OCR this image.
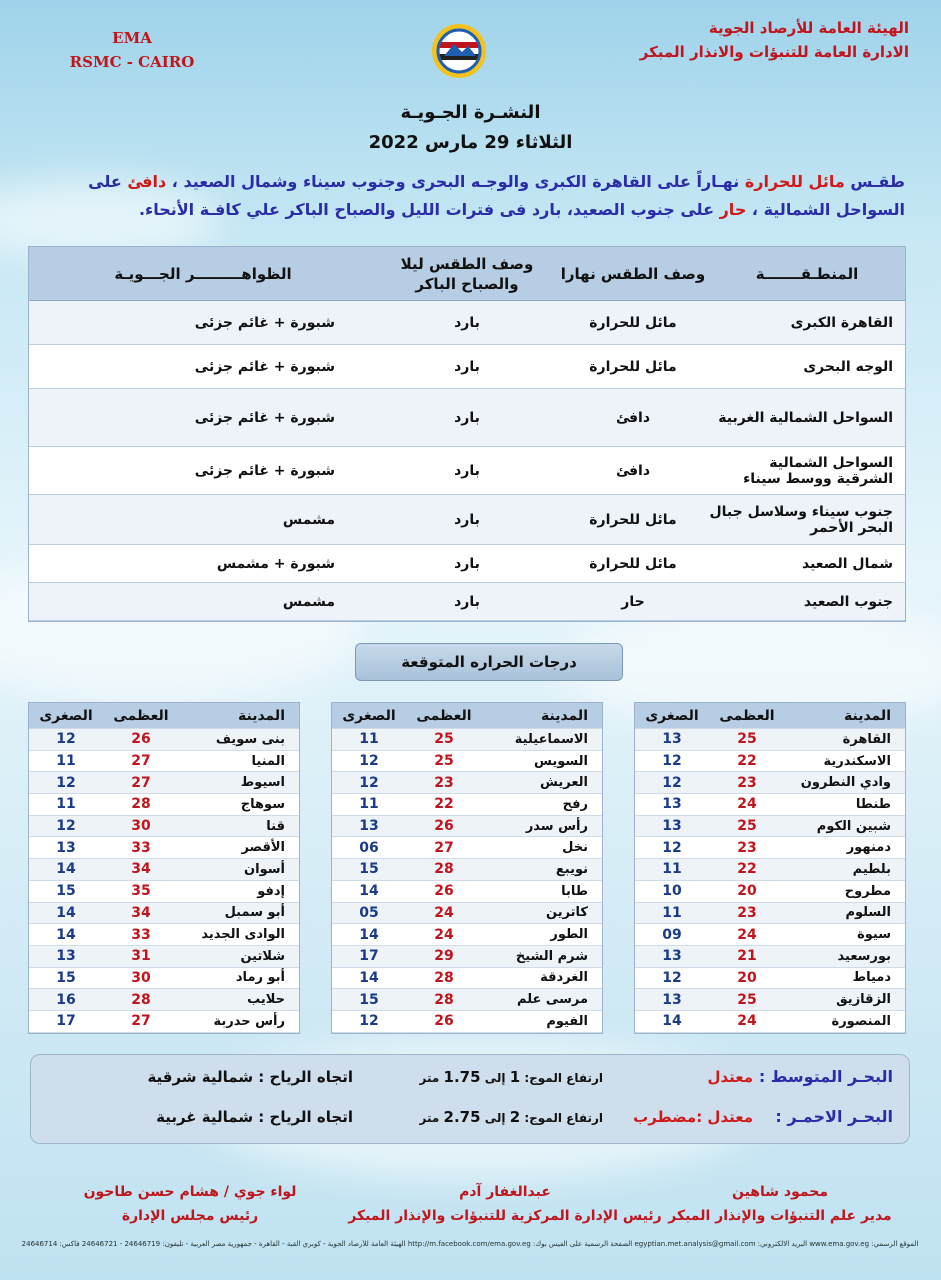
EMA
RSMC - CAIRO
الهيئة العامة للأرصاد الجوية
الادارة العامة للتنبؤات والانذار المبكر
النشـرة الجـويـة
الثلاثاء 29 مارس 2022
طقـس مائل للحرارة نهـاراً على القاهرة الكبرى والوجـه البحرى وجنوب سيناء وشمال الصعيد ، دافئ على السواحل الشمالية ، حار على جنوب الصعيد، بارد فى فترات الليل والصباح الباكر علي كافـة الأنحاء.
المنطـقـــــــة
وصف الطقس نهارا
وصف الطقس ليلا والصباح الباكر
الظواهـــــــــر الجـــويـة
القاهرة الكبرى
مائل للحرارة
بارد
شبورة + غائم جزئى
الوجه البحرى
مائل للحرارة
بارد
شبورة + غائم جزئى
السواحل الشمالية الغربية
دافئ
بارد
شبورة + غائم جزئى
السواحل الشمالية الشرقية ووسط سيناء
دافئ
بارد
شبورة + غائم جزئى
جنوب سيناء وسلاسل جبال البحر الأحمر
مائل للحرارة
بارد
مشمس
شمال الصعيد
مائل للحرارة
بارد
شبورة + مشمس
جنوب الصعيد
حار
بارد
مشمس
درجات الحراره المتوقعة
المدينة
العظمى
الصغرى
القاهرة
25
13
الاسكندرية
22
12
وادي النطرون
23
12
طنطا
24
13
شبين الكوم
25
13
دمنهور
23
12
بلطيم
22
11
مطروح
20
10
السلوم
23
11
سيوة
24
09
بورسعيد
21
13
دمياط
20
12
الزقازيق
25
13
المنصورة
24
14
المدينة
العظمى
الصغرى
الاسماعيلية
25
11
السويس
25
12
العريش
23
12
رفح
22
11
رأس سدر
26
13
نخل
27
06
نويبع
28
15
طابا
26
14
كاترين
24
05
الطور
24
14
شرم الشيخ
29
17
الغردقة
28
14
مرسى علم
28
15
الفيوم
26
12
المدينة
العظمى
الصغرى
بنى سويف
26
12
المنيا
27
11
اسيوط
27
12
سوهاج
28
11
قنا
30
12
الأقصر
33
13
أسوان
34
14
إدفو
35
15
أبو سمبل
34
14
الوادى الجديد
33
14
شلاتين
31
13
أبو رماد
30
15
حلايب
28
16
رأس حدربة
27
17
البحـر المتوسط :
معتدل
ارتفاع الموج: 1 إلى 1.75 متر
اتجاه الرياح : شمالية شرقية
البحـر الاحمـر :
معتدل :مضطرب
ارتفاع الموج: 2 إلى 2.75 متر
اتجاه الرياح : شمالية غربية
محمود شاهين
مدير علم التنبؤات والإنذار المبكر
عبدالغفار آدم
رئيس الإدارة المركزية للتنبؤات والإنذار المبكر
لواء جوي / هشام حسن طاحون
رئيس مجلس الإدارة
الموقع الرسمي: www.ema.gov.eg البريد الالكتروني: egyptian.met.analysis@gmail.com الصفحة الرسمية على الفيس بوك: http://m.facebook.com/ema.gov.eg الهيئة العامة للأرصاد الجوية - كوبري القبة - القاهرة - جمهورية مصر العربية - تليفون: 24646719 - 24646721 فاكس: 24646714
